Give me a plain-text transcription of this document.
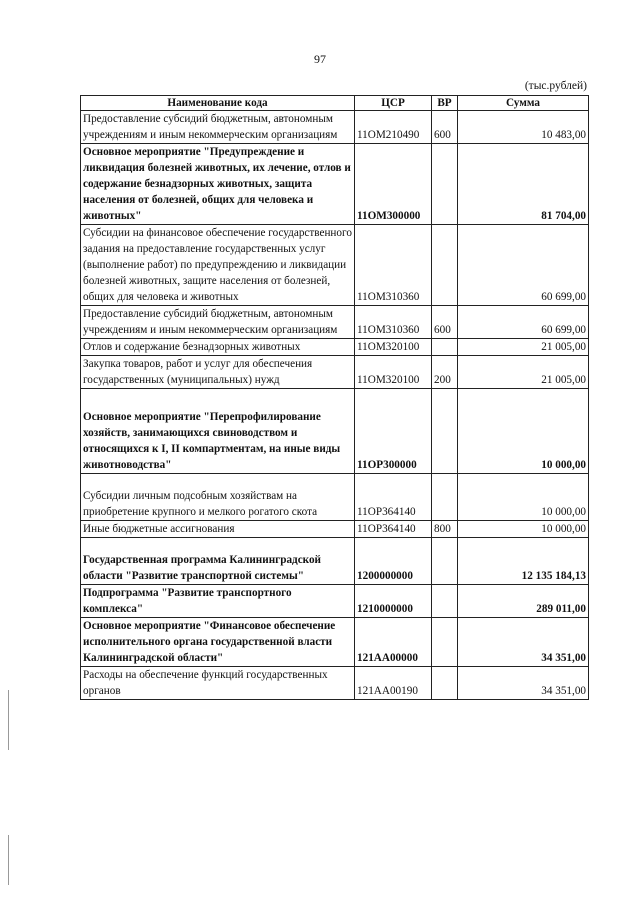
97
(тыс.рублей)
Наименование кода	ЦСР	ВР	Сумма
Предоставление субсидий бюджетным, автономным учреждениям и иным некоммерческим организациям	11ОМ210490	600	10 483,00
Основное мероприятие "Предупреждение и ликвидация болезней животных, их лечение, отлов и содержание безнадзорных животных, защита населения от болезней, общих для человека и животных"	11ОМ300000		81 704,00
Субсидии на финансовое обеспечение государственного задания на предоставление государственных услуг (выполнение работ) по предупреждению и ликвидации болезней животных, защите населения от болезней, общих для человека и животных	11ОМ310360		60 699,00
Предоставление субсидий бюджетным, автономным учреждениям и иным некоммерческим организациям	11ОМ310360	600	60 699,00
Отлов и содержание безнадзорных животных	11ОМ320100		21 005,00
Закупка товаров, работ и услуг для обеспечения государственных (муниципальных) нужд	11ОМ320100	200	21 005,00
Основное мероприятие "Перепрофилирование хозяйств, занимающихся свиноводством и относящихся к I, II компартментам, на иные виды животноводства"	11ОР300000		10 000,00
Субсидии личным подсобным хозяйствам на приобретение крупного и мелкого рогатого скота	11ОР364140		10 000,00
Иные бюджетные ассигнования	11ОР364140	800	10 000,00
Государственная программа Калининградской области "Развитие транспортной системы"	1200000000		12 135 184,13
Подпрограмма "Развитие транспортного комплекса"	1210000000		289 011,00
Основное мероприятие "Финансовое обеспечение исполнительного органа государственной власти Калининградской области"	121АА00000		34 351,00
Расходы на обеспечение функций государственных органов	121АА00190		34 351,00
